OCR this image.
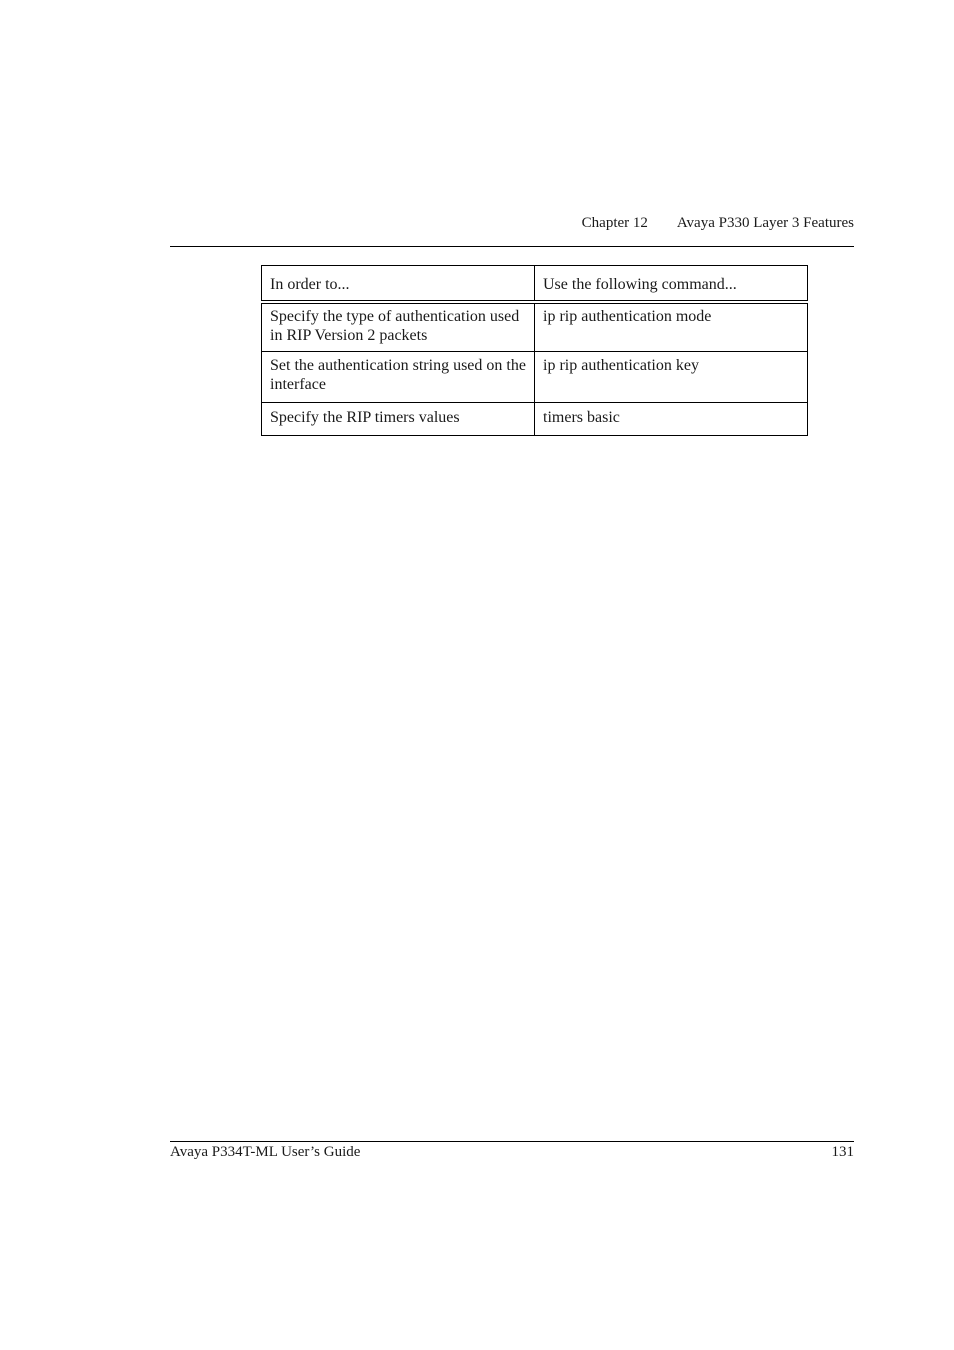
Chapter 12 Avaya P330 Layer 3 Features
In order to...	Use the following command...
Specify the type of authentication used in RIP Version 2 packets	ip rip authentication mode
Set the authentication string used on the interface	ip rip authentication key
Specify the RIP timers values	timers basic
Avaya P334T-ML User’s Guide	131
